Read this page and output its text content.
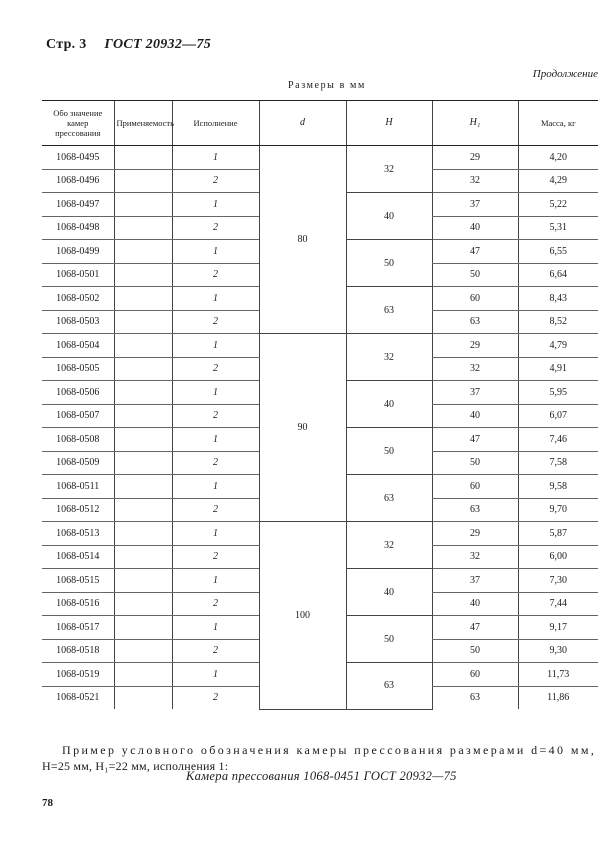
Стр. 3 ГОСТ 20932—75
Продолжение
Размеры в мм
Обо значение камер прессования	Применяемость	Исполнение	d	H	H₁	Масса, кг
1068-0495		1	80	32	29	4,20
1068-0496		2			32	4,29
1068-0497		1		40	37	5,22
1068-0498		2			40	5,31
1068-0499		1		50	47	6,55
1068-0501		2			50	6,64
1068-0502		1		63	60	8,43
1068-0503		2			63	8,52
1068-0504		1	90	32	29	4,79
1068-0505		2			32	4,91
1068-0506		1		40	37	5,95
1068-0507		2			40	6,07
1068-0508		1		50	47	7,46
1068-0509		2			50	7,58
1068-0511		1		63	60	9,58
1068-0512		2			63	9,70
1068-0513		1	100	32	29	5,87
1068-0514		2			32	6,00
1068-0515		1		40	37	7,30
1068-0516		2			40	7,44
1068-0517		1		50	47	9,17
1068-0518		2			50	9,30
1068-0519		1		63	60	11,73
1068-0521		2			63	11,86
Пример условного обозначения камеры прессования размерами d=40 мм,
H=25 мм, H₁=22 мм, исполнения 1:
Камера прессования 1068-0451 ГОСТ 20932—75
78
